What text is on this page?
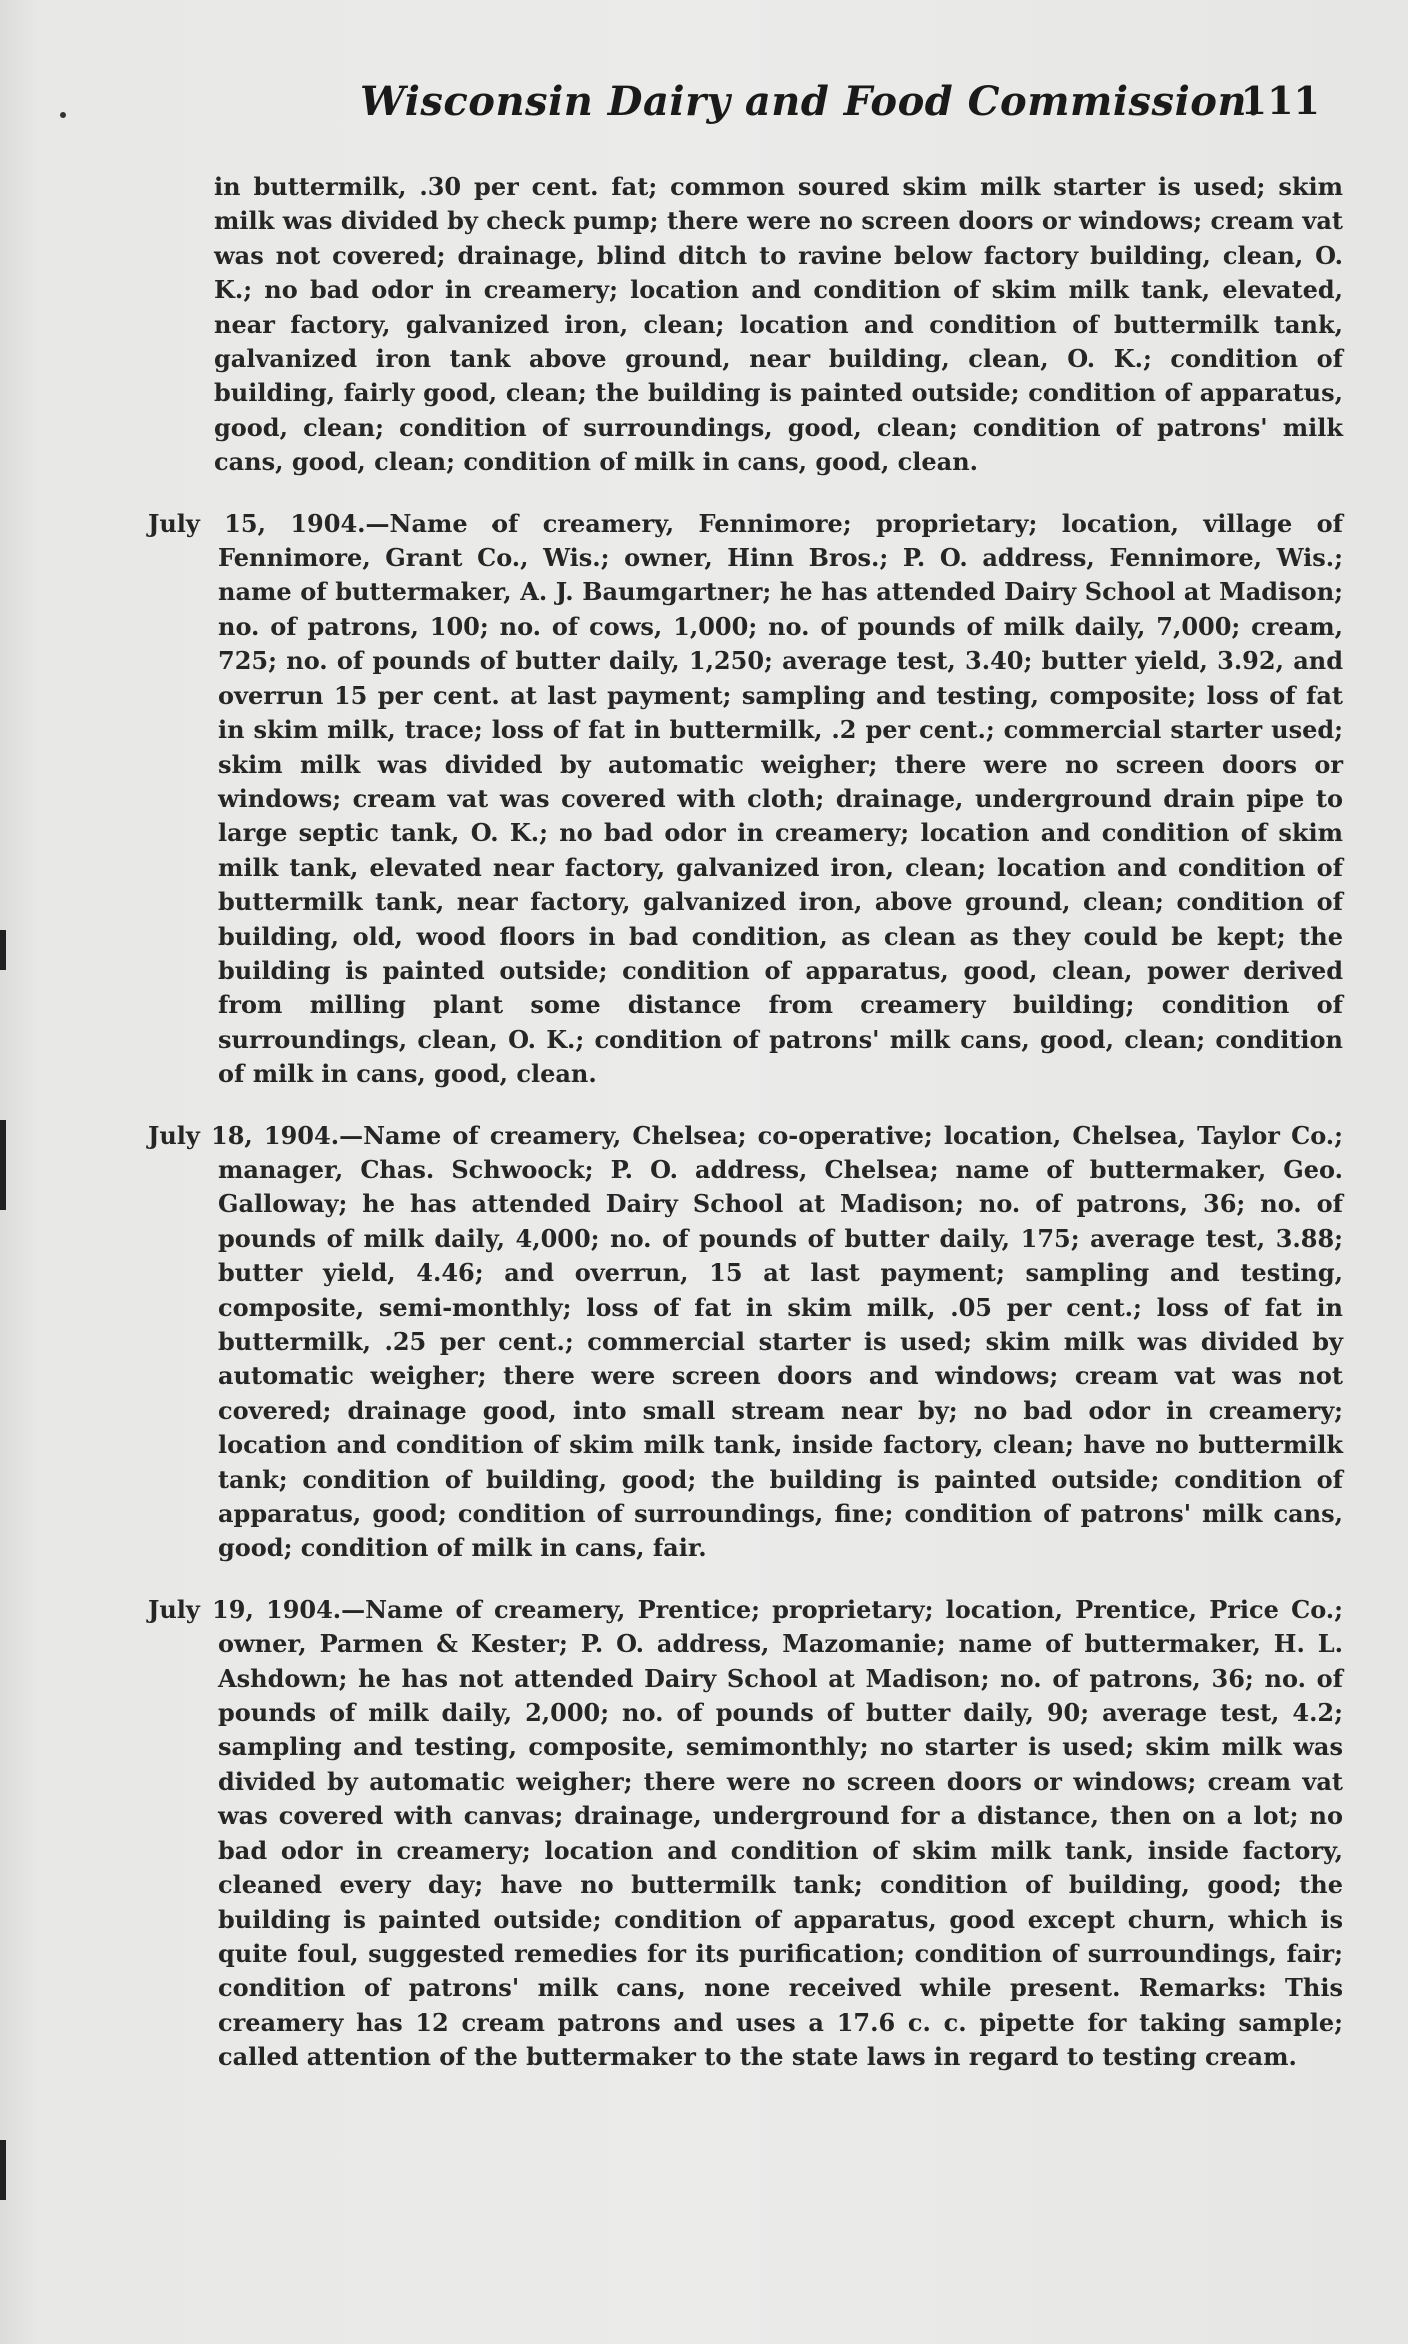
Wisconsin Dairy and Food Commission.
111

in buttermilk, .30 per cent. fat; common soured skim milk starter is used; skim milk was divided by check pump; there were no screen doors or windows; cream vat was not covered; drainage, blind ditch to ravine below factory building, clean, O. K.; no bad odor in creamery; location and condition of skim milk tank, elevated, near factory, galvanized iron, clean; location and condition of buttermilk tank, galvanized iron tank above ground, near building, clean, O. K.; condition of building, fairly good, clean; the building is painted outside; condition of apparatus, good, clean; condition of surroundings, good, clean; condition of patrons' milk cans, good, clean; condition of milk in cans, good, clean.

July 15, 1904.—Name of creamery, Fennimore; proprietary; location, village of Fennimore, Grant Co., Wis.; owner, Hinn Bros.; P. O. address, Fennimore, Wis.; name of buttermaker, A. J. Baumgartner; he has attended Dairy School at Madison; no. of patrons, 100; no. of cows, 1,000; no. of pounds of milk daily, 7,000; cream, 725; no. of pounds of butter daily, 1,250; average test, 3.40; butter yield, 3.92, and overrun 15 per cent. at last payment; sampling and testing, composite; loss of fat in skim milk, trace; loss of fat in buttermilk, .2 per cent.; commercial starter used; skim milk was divided by automatic weigher; there were no screen doors or windows; cream vat was covered with cloth; drainage, underground drain pipe to large septic tank, O. K.; no bad odor in creamery; location and condition of skim milk tank, elevated near factory, galvanized iron, clean; location and condition of buttermilk tank, near factory, galvanized iron, above ground, clean; condition of building, old, wood floors in bad condition, as clean as they could be kept; the building is painted outside; condition of apparatus, good, clean, power derived from milling plant some distance from creamery building; condition of surroundings, clean, O. K.; condition of patrons' milk cans, good, clean; condition of milk in cans, good, clean.

July 18, 1904.—Name of creamery, Chelsea; co-operative; location, Chelsea, Taylor Co.; manager, Chas. Schwoock; P. O. address, Chelsea; name of buttermaker, Geo. Galloway; he has attended Dairy School at Madison; no. of patrons, 36; no. of pounds of milk daily, 4,000; no. of pounds of butter daily, 175; average test, 3.88; butter yield, 4.46; and overrun, 15 at last payment; sampling and testing, composite, semi-monthly; loss of fat in skim milk, .05 per cent.; loss of fat in buttermilk, .25 per cent.; commercial starter is used; skim milk was divided by automatic weigher; there were screen doors and windows; cream vat was not covered; drainage good, into small stream near by; no bad odor in creamery; location and condition of skim milk tank, inside factory, clean; have no buttermilk tank; condition of building, good; the building is painted outside; condition of apparatus, good; condition of surroundings, fine; condition of patrons' milk cans, good; condition of milk in cans, fair.

July 19, 1904.—Name of creamery, Prentice; proprietary; location, Prentice, Price Co.; owner, Parmen & Kester; P. O. address, Mazomanie; name of buttermaker, H. L. Ashdown; he has not attended Dairy School at Madison; no. of patrons, 36; no. of pounds of milk daily, 2,000; no. of pounds of butter daily, 90; average test, 4.2; sampling and testing, composite, semimonthly; no starter is used; skim milk was divided by automatic weigher; there were no screen doors or windows; cream vat was covered with canvas; drainage, underground for a distance, then on a lot; no bad odor in creamery; location and condition of skim milk tank, inside factory, cleaned every day; have no buttermilk tank; condition of building, good; the building is painted outside; condition of apparatus, good except churn, which is quite foul, suggested remedies for its purification; condition of surroundings, fair; condition of patrons' milk cans, none received while present. Remarks: This creamery has 12 cream patrons and uses a 17.6 c. c. pipette for taking sample; called attention of the buttermaker to the state laws in regard to testing cream.
